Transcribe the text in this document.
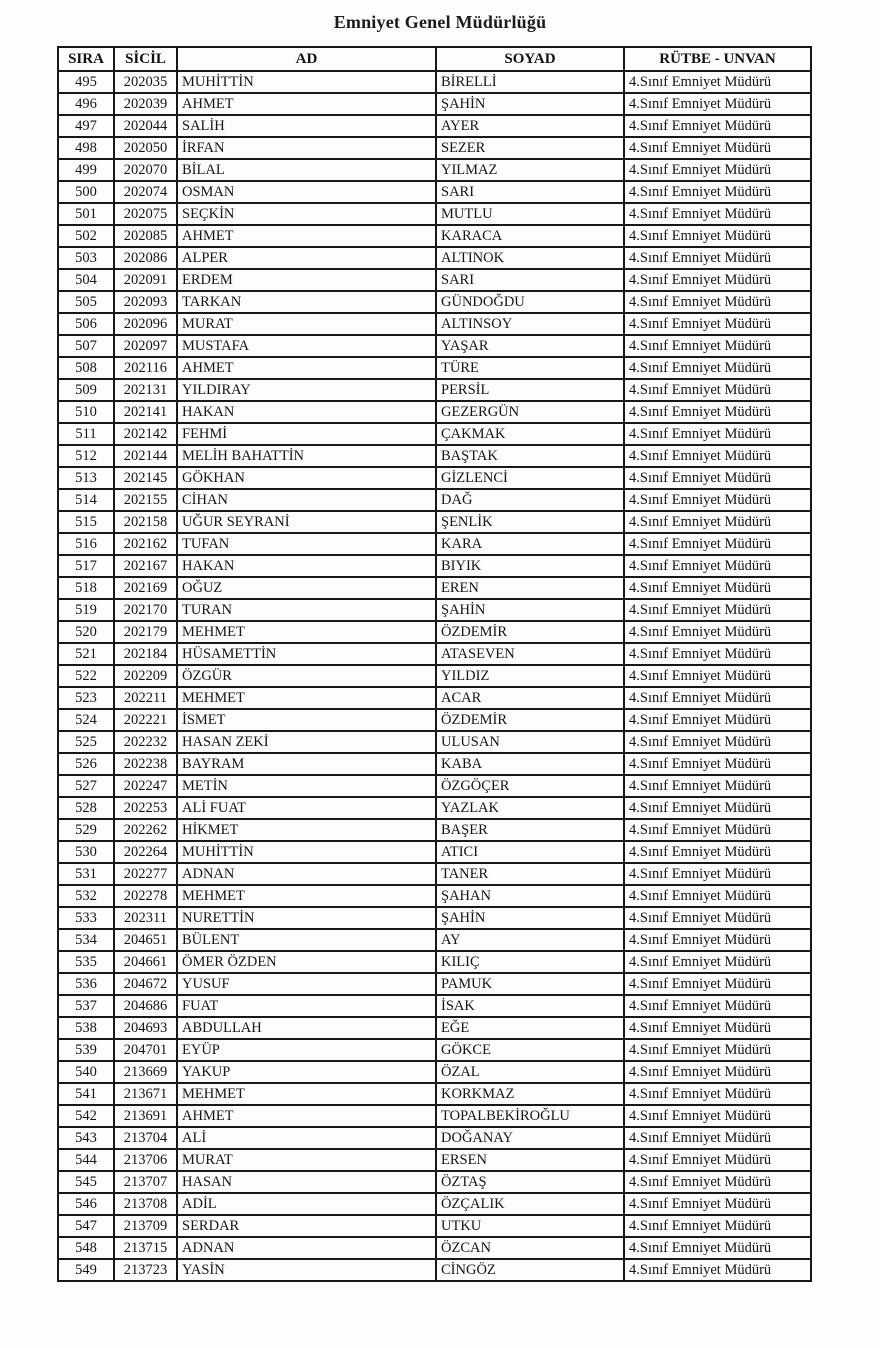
Emniyet Genel Müdürlüğü
SIRA	SİCİL	AD	SOYAD	RÜTBE - UNVAN
495	202035	MUHİTTİN	BİRELLİ	4.Sınıf Emniyet Müdürü
496	202039	AHMET	ŞAHİN	4.Sınıf Emniyet Müdürü
497	202044	SALİH	AYER	4.Sınıf Emniyet Müdürü
498	202050	İRFAN	SEZER	4.Sınıf Emniyet Müdürü
499	202070	BİLAL	YILMAZ	4.Sınıf Emniyet Müdürü
500	202074	OSMAN	SARI	4.Sınıf Emniyet Müdürü
501	202075	SEÇKİN	MUTLU	4.Sınıf Emniyet Müdürü
502	202085	AHMET	KARACA	4.Sınıf Emniyet Müdürü
503	202086	ALPER	ALTINOK	4.Sınıf Emniyet Müdürü
504	202091	ERDEM	SARI	4.Sınıf Emniyet Müdürü
505	202093	TARKAN	GÜNDOĞDU	4.Sınıf Emniyet Müdürü
506	202096	MURAT	ALTINSOY	4.Sınıf Emniyet Müdürü
507	202097	MUSTAFA	YAŞAR	4.Sınıf Emniyet Müdürü
508	202116	AHMET	TÜRE	4.Sınıf Emniyet Müdürü
509	202131	YILDIRAY	PERSİL	4.Sınıf Emniyet Müdürü
510	202141	HAKAN	GEZERGÜN	4.Sınıf Emniyet Müdürü
511	202142	FEHMİ	ÇAKMAK	4.Sınıf Emniyet Müdürü
512	202144	MELİH BAHATTİN	BAŞTAK	4.Sınıf Emniyet Müdürü
513	202145	GÖKHAN	GİZLENCİ	4.Sınıf Emniyet Müdürü
514	202155	CİHAN	DAĞ	4.Sınıf Emniyet Müdürü
515	202158	UĞUR SEYRANİ	ŞENLİK	4.Sınıf Emniyet Müdürü
516	202162	TUFAN	KARA	4.Sınıf Emniyet Müdürü
517	202167	HAKAN	BIYIK	4.Sınıf Emniyet Müdürü
518	202169	OĞUZ	EREN	4.Sınıf Emniyet Müdürü
519	202170	TURAN	ŞAHİN	4.Sınıf Emniyet Müdürü
520	202179	MEHMET	ÖZDEMİR	4.Sınıf Emniyet Müdürü
521	202184	HÜSAMETTİN	ATASEVEN	4.Sınıf Emniyet Müdürü
522	202209	ÖZGÜR	YILDIZ	4.Sınıf Emniyet Müdürü
523	202211	MEHMET	ACAR	4.Sınıf Emniyet Müdürü
524	202221	İSMET	ÖZDEMİR	4.Sınıf Emniyet Müdürü
525	202232	HASAN ZEKİ	ULUSAN	4.Sınıf Emniyet Müdürü
526	202238	BAYRAM	KABA	4.Sınıf Emniyet Müdürü
527	202247	METİN	ÖZGÖÇER	4.Sınıf Emniyet Müdürü
528	202253	ALİ FUAT	YAZLAK	4.Sınıf Emniyet Müdürü
529	202262	HİKMET	BAŞER	4.Sınıf Emniyet Müdürü
530	202264	MUHİTTİN	ATICI	4.Sınıf Emniyet Müdürü
531	202277	ADNAN	TANER	4.Sınıf Emniyet Müdürü
532	202278	MEHMET	ŞAHAN	4.Sınıf Emniyet Müdürü
533	202311	NURETTİN	ŞAHİN	4.Sınıf Emniyet Müdürü
534	204651	BÜLENT	AY	4.Sınıf Emniyet Müdürü
535	204661	ÖMER ÖZDEN	KILIÇ	4.Sınıf Emniyet Müdürü
536	204672	YUSUF	PAMUK	4.Sınıf Emniyet Müdürü
537	204686	FUAT	İSAK	4.Sınıf Emniyet Müdürü
538	204693	ABDULLAH	EĞE	4.Sınıf Emniyet Müdürü
539	204701	EYÜP	GÖKCE	4.Sınıf Emniyet Müdürü
540	213669	YAKUP	ÖZAL	4.Sınıf Emniyet Müdürü
541	213671	MEHMET	KORKMAZ	4.Sınıf Emniyet Müdürü
542	213691	AHMET	TOPALBEKİROĞLU	4.Sınıf Emniyet Müdürü
543	213704	ALİ	DOĞANAY	4.Sınıf Emniyet Müdürü
544	213706	MURAT	ERSEN	4.Sınıf Emniyet Müdürü
545	213707	HASAN	ÖZTAŞ	4.Sınıf Emniyet Müdürü
546	213708	ADİL	ÖZÇALIK	4.Sınıf Emniyet Müdürü
547	213709	SERDAR	UTKU	4.Sınıf Emniyet Müdürü
548	213715	ADNAN	ÖZCAN	4.Sınıf Emniyet Müdürü
549	213723	YASİN	CİNGÖZ	4.Sınıf Emniyet Müdürü
